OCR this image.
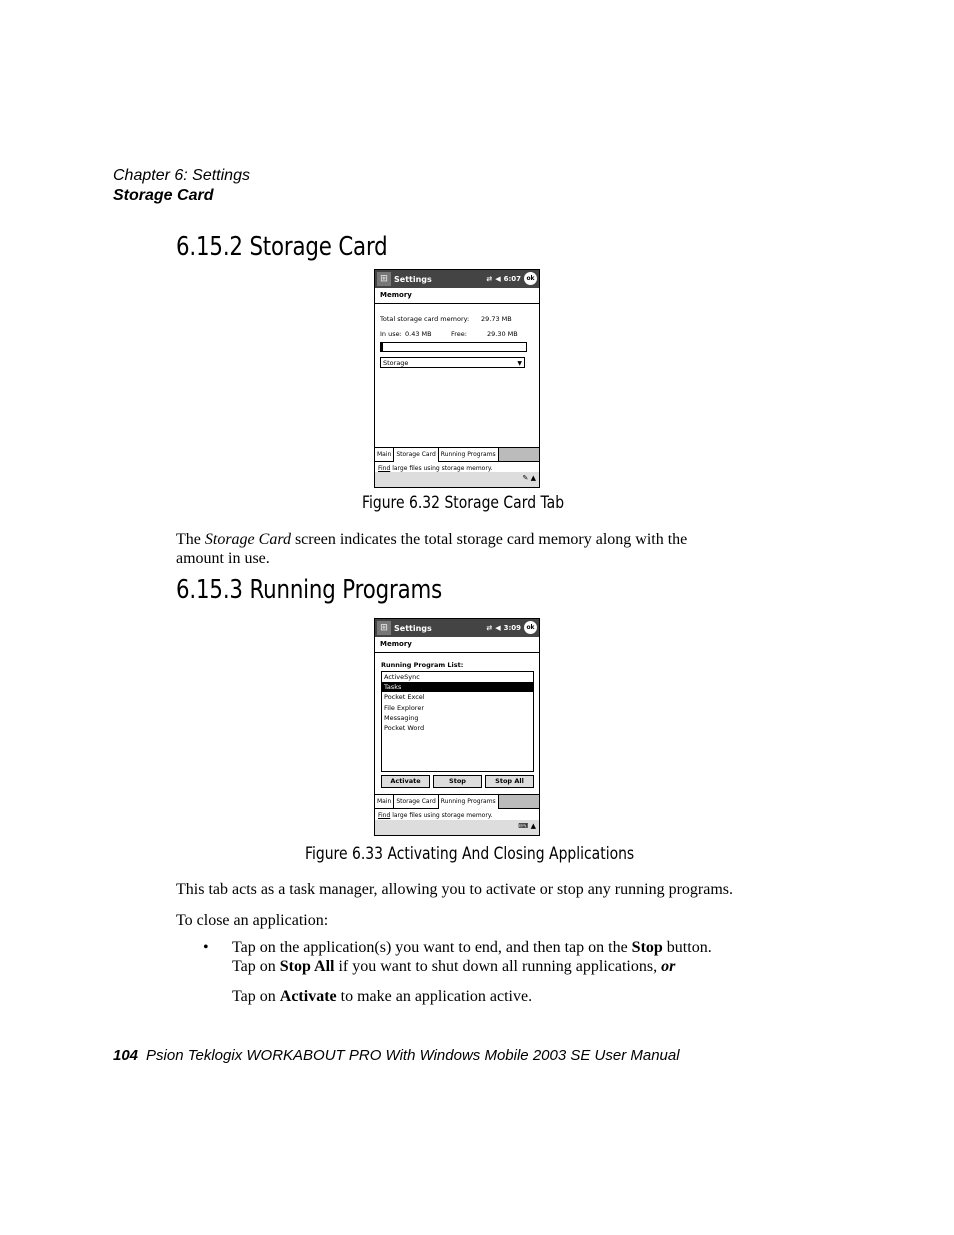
Chapter 6: Settings
Storage Card
6.15.2 Storage Card
⊞ Settings	⇄ ◀ 6:07 ok
Memory
Total storage card memory: 29.73 MB
In use: 0.43 MB	Free:	29.30 MB
Storage	▼
Main Storage Card Running Programs
Find large files using storage memory.
✎ ▲
Figure 6.32 Storage Card Tab
The Storage Card screen indicates the total storage card memory along with the amount in use.
6.15.3 Running Programs
⊞ Settings	⇄ ◀ 3:09 ok
Memory
Running Program List:
ActiveSync
Tasks
Pocket Excel
File Explorer
Messaging
Pocket Word
Activate	Stop	Stop All
Main Storage Card Running Programs
Find large files using storage memory.
⌨ ▲
Figure 6.33 Activating And Closing Applications
This tab acts as a task manager, allowing you to activate or stop any running programs.
To close an application:
• Tap on the application(s) you want to end, and then tap on the Stop button.
Tap on Stop All if you want to shut down all running applications, or
Tap on Activate to make an application active.
104 Psion Teklogix WORKABOUT PRO With Windows Mobile 2003 SE User Manual
